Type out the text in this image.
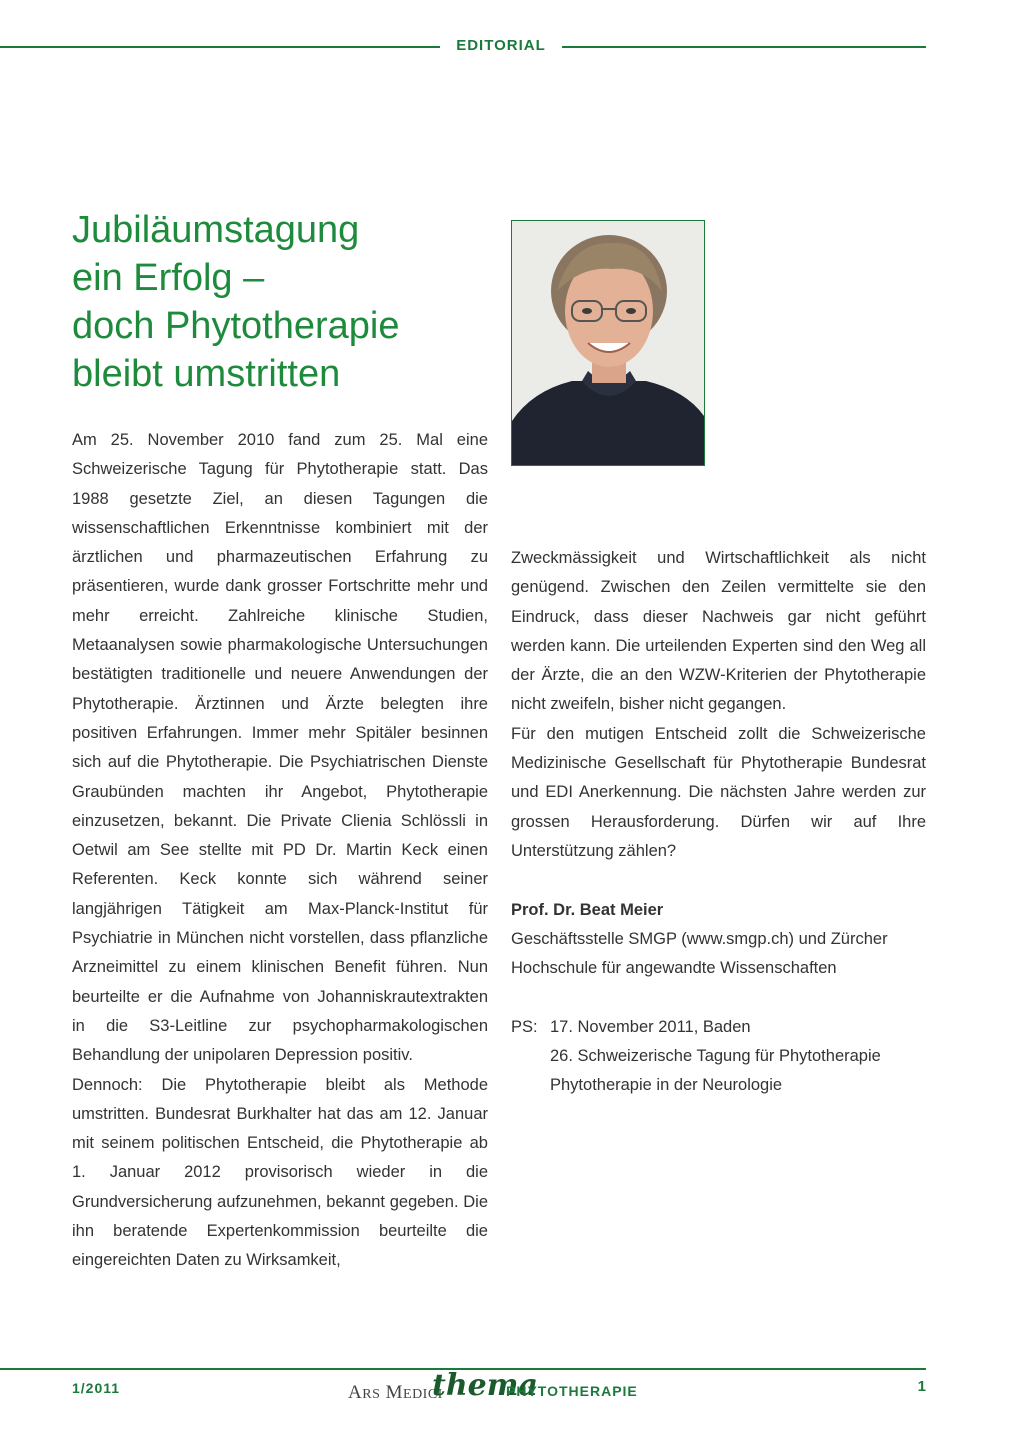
EDITORIAL
Jubiläumstagung
ein Erfolg –
doch Phytotherapie
bleibt umstritten

Am 25. November 2010 fand zum 25. Mal eine Schweizerische Tagung für Phytotherapie statt. Das 1988 gesetzte Ziel, an diesen Tagungen die wissenschaftlichen Erkenntnisse kombiniert mit der ärztlichen und pharmazeutischen Erfahrung zu präsentieren, wurde dank grosser Fortschritte mehr und mehr erreicht. Zahlreiche klinische Studien, Metaanalysen sowie pharmakologische Untersuchungen bestätigten traditionelle und neuere Anwendungen der Phytotherapie. Ärztinnen und Ärzte belegten ihre positiven Erfahrungen. Immer mehr Spitäler besinnen sich auf die Phytotherapie. Die Psychiatrischen Dienste Graubünden machten ihr Angebot, Phytotherapie einzusetzen, bekannt. Die Private Clienia Schlössli in Oetwil am See stellte mit PD Dr. Martin Keck einen Referenten. Keck konnte sich während seiner langjährigen Tätigkeit am Max-Planck-Institut für Psychiatrie in München nicht vorstellen, dass pflanzliche Arzneimittel zu einem klinischen Benefit führen. Nun beurteilte er die Aufnahme von Johanniskrautextrakten in die S3-Leitline zur psychopharmakologischen Behandlung der unipolaren Depression positiv.

Dennoch: Die Phytotherapie bleibt als Methode umstritten. Bundesrat Burkhalter hat das am 12. Januar mit seinem politischen Entscheid, die Phytotherapie ab 1. Januar 2012 provisorisch wieder in die Grundversicherung aufzunehmen, bekannt gegeben. Die ihn beratende Expertenkommission beurteilte die eingereichten Daten zu Wirksamkeit,

Zweckmässigkeit und Wirtschaftlichkeit als nicht genügend. Zwischen den Zeilen vermittelte sie den Eindruck, dass dieser Nachweis gar nicht geführt werden kann. Die urteilenden Experten sind den Weg all der Ärzte, die an den WZW-Kriterien der Phytotherapie nicht zweifeln, bisher nicht gegangen.

Für den mutigen Entscheid zollt die Schweizerische Medizinische Gesellschaft für Phytotherapie Bundesrat und EDI Anerkennung. Die nächsten Jahre werden zur grossen Herausforderung. Dürfen wir auf Ihre Unterstützung zählen?

Prof. Dr. Beat Meier
Geschäftsstelle SMGP (www.smgp.ch) und Zürcher Hochschule für angewandte Wissenschaften
PS: 17. November 2011, Baden
26. Schweizerische Tagung für Phytotherapie
Phytotherapie in der Neurologie
1/2011	ARS MEDICI
thema
PHYTOTHERAPIE	1
